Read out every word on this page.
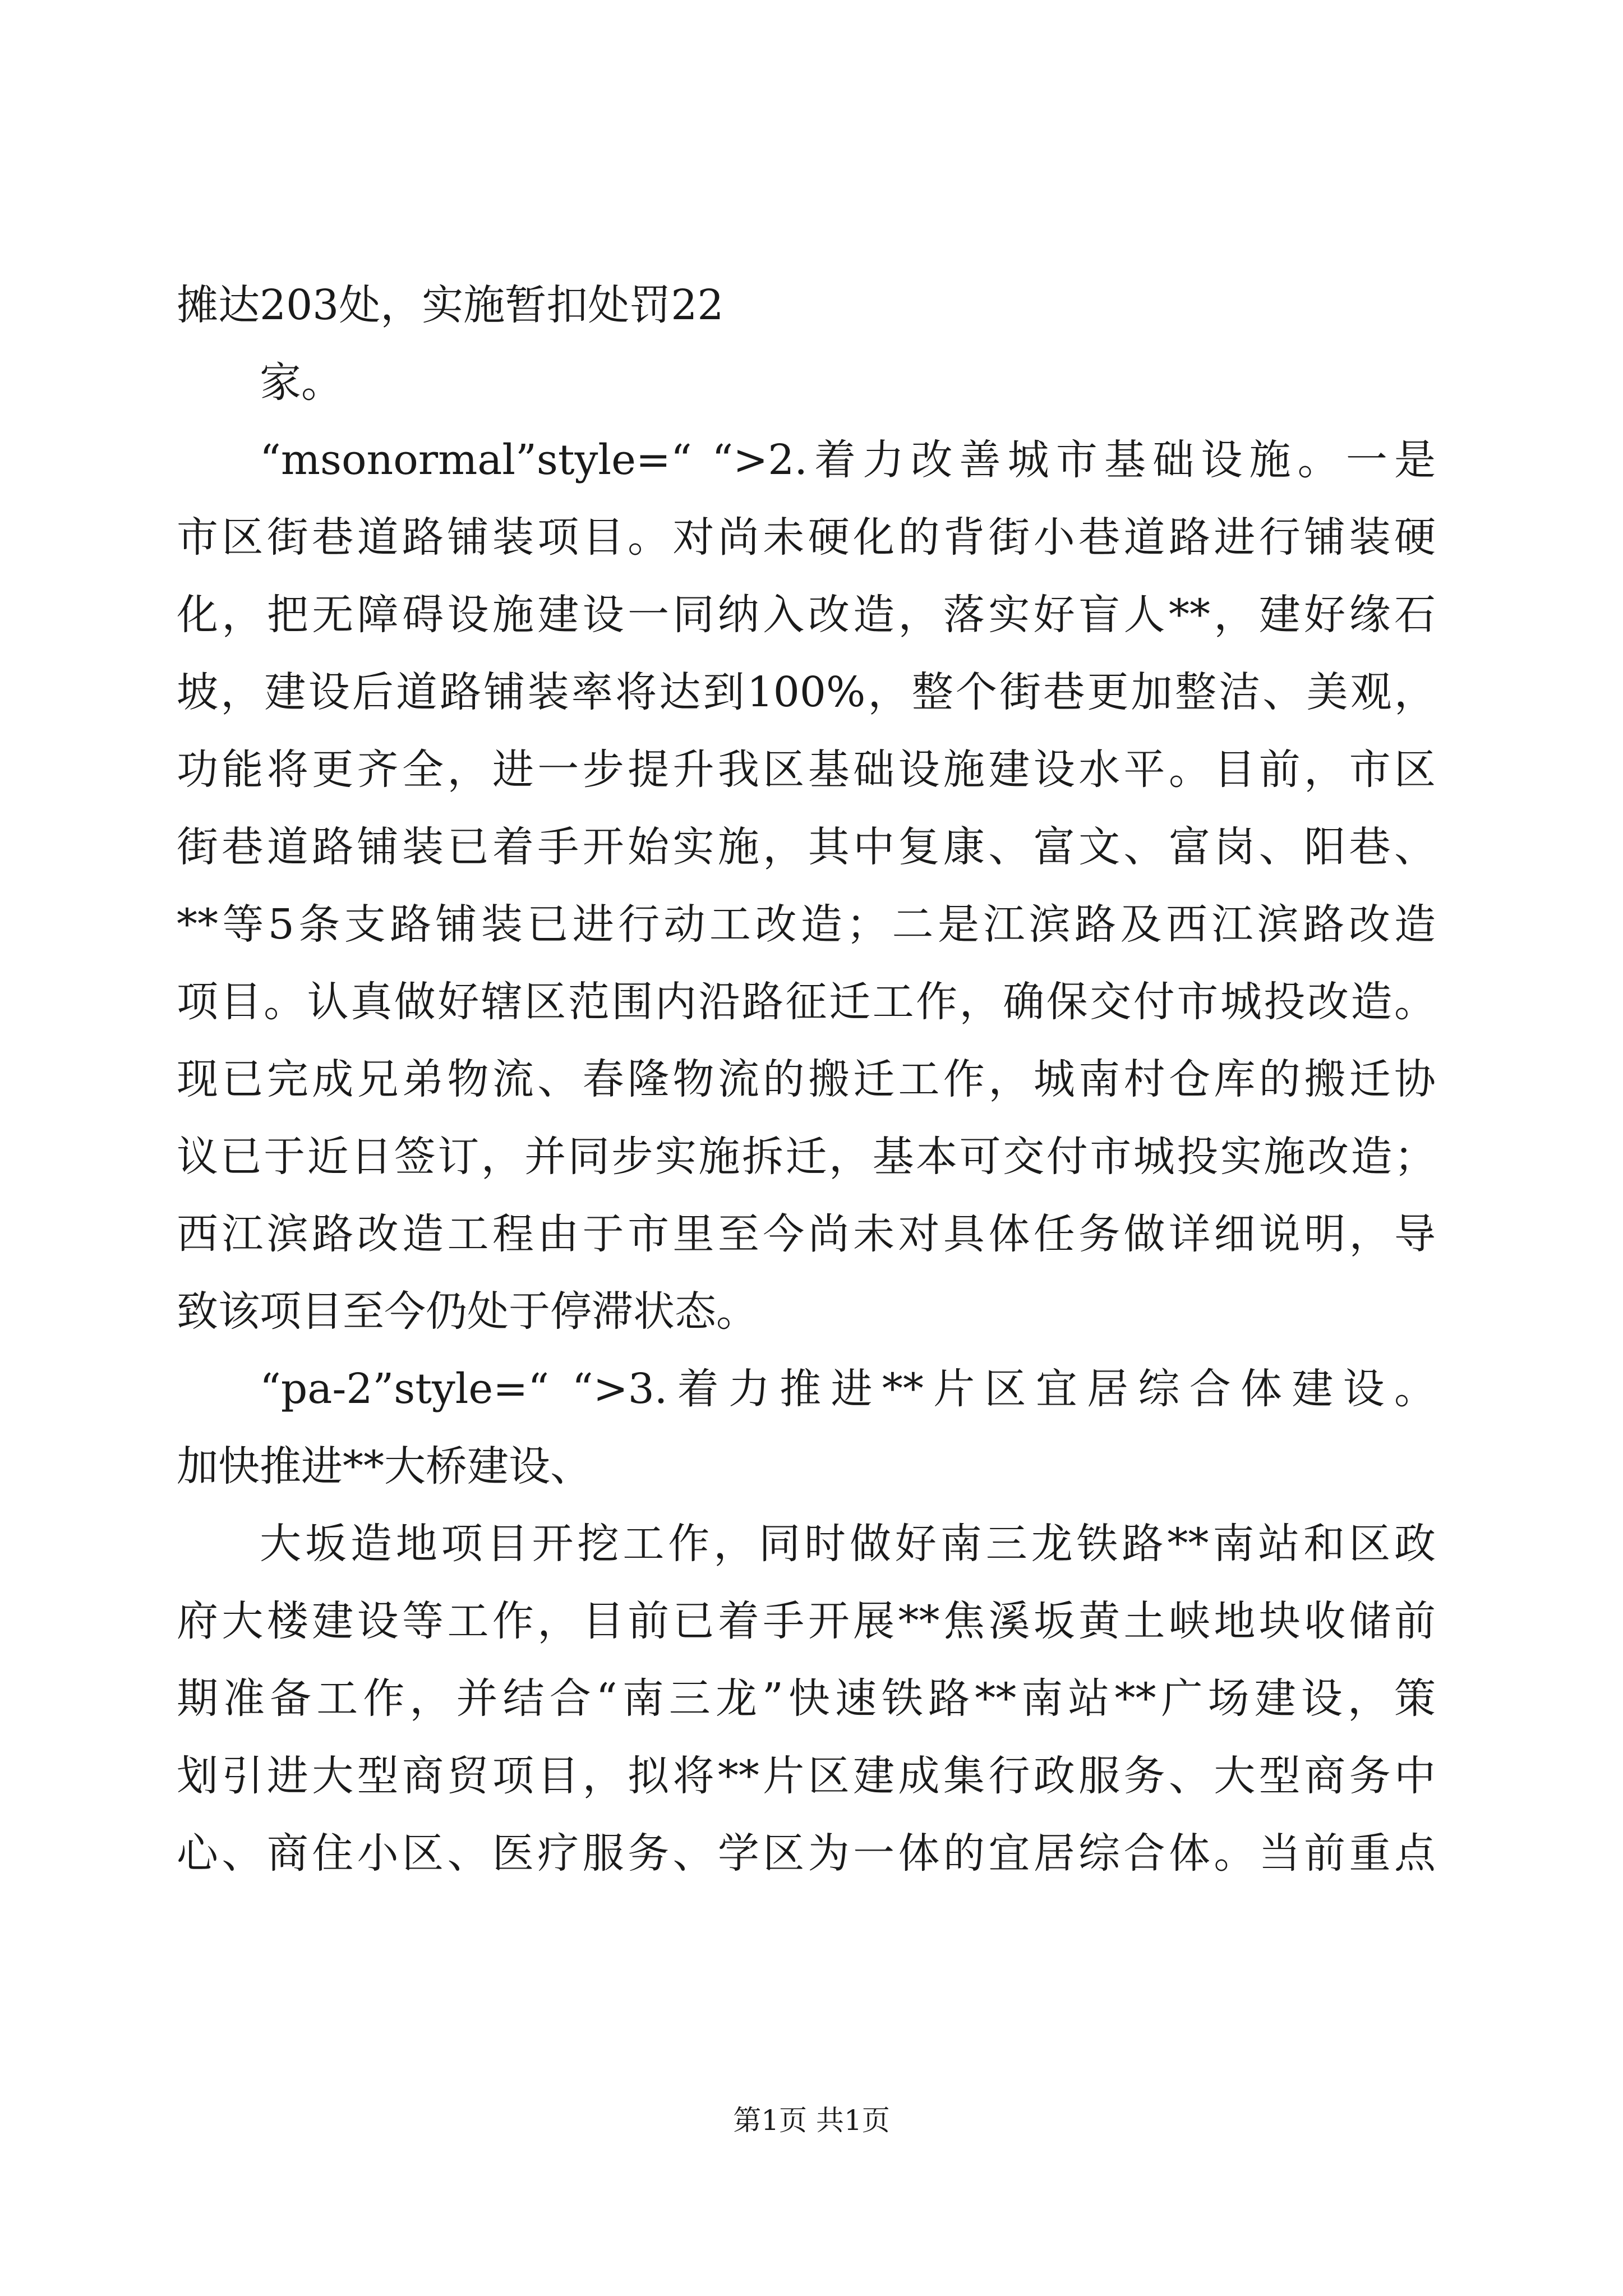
摊达203处，实施暂扣处罚22
家。
“msonormal”style=“ “>2.着力改善城市基础设施。一是
市区街巷道路铺装项目。对尚未硬化的背街小巷道路进行铺装硬
化，把无障碍设施建设一同纳入改造，落实好盲人**，建好缘石
坡，建设后道路铺装率将达到100%，整个街巷更加整洁、美观，
功能将更齐全，进一步提升我区基础设施建设水平。目前，市区
街巷道路铺装已着手开始实施，其中复康、富文、富岗、阳巷、
**等5条支路铺装已进行动工改造；二是江滨路及西江滨路改造
项目。认真做好辖区范围内沿路征迁工作，确保交付市城投改造。
现已完成兄弟物流、春隆物流的搬迁工作，城南村仓库的搬迁协
议已于近日签订，并同步实施拆迁，基本可交付市城投实施改造；
西江滨路改造工程由于市里至今尚未对具体任务做详细说明，导
致该项目至今仍处于停滞状态。
“pa-2”style=“ “>3.着力推进**片区宜居综合体建设。
加快推进**大桥建设、
大坂造地项目开挖工作，同时做好南三龙铁路**南站和区政
府大楼建设等工作，目前已着手开展**焦溪坂黄土峡地块收储前
期准备工作，并结合“南三龙”快速铁路**南站**广场建设，策
划引进大型商贸项目，拟将**片区建成集行政服务、大型商务中
心、商住小区、医疗服务、学区为一体的宜居综合体。当前重点
第1页 共1页
